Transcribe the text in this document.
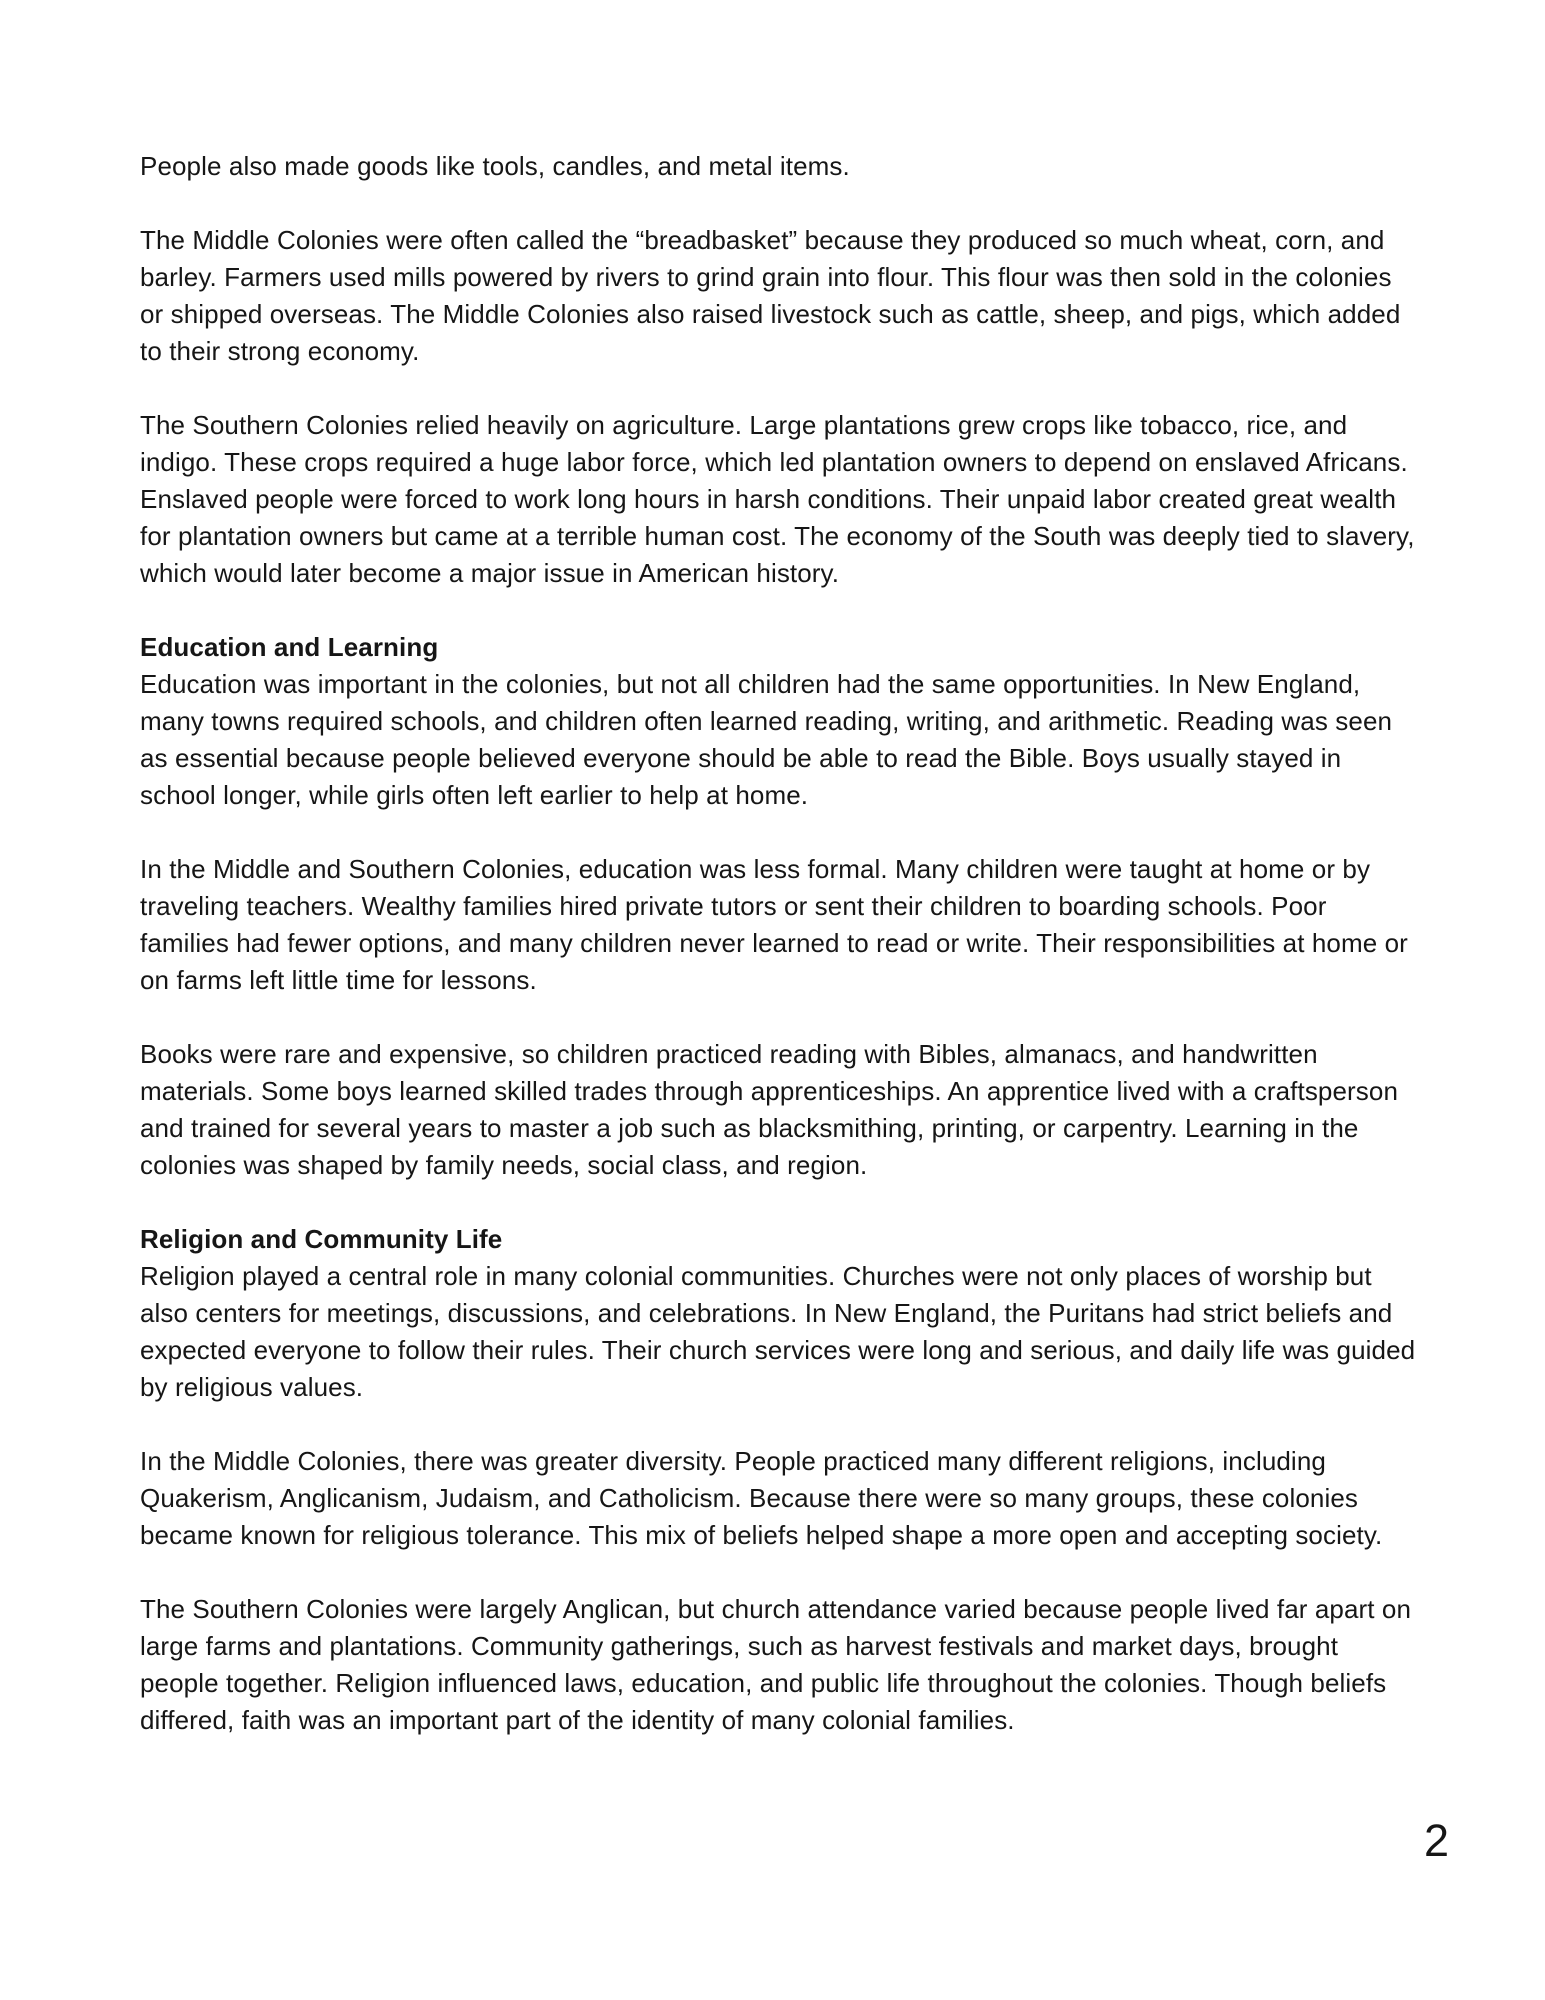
People also made goods like tools, candles, and metal items.

The Middle Colonies were often called the “breadbasket” because they produced so much wheat, corn, and barley. Farmers used mills powered by rivers to grind grain into flour. This flour was then sold in the colonies or shipped overseas. The Middle Colonies also raised livestock such as cattle, sheep, and pigs, which added to their strong economy.

The Southern Colonies relied heavily on agriculture. Large plantations grew crops like tobacco, rice, and indigo. These crops required a huge labor force, which led plantation owners to depend on enslaved Africans. Enslaved people were forced to work long hours in harsh conditions. Their unpaid labor created great wealth for plantation owners but came at a terrible human cost. The economy of the South was deeply tied to slavery, which would later become a major issue in American history.

Education and Learning

Education was important in the colonies, but not all children had the same opportunities. In New England, many towns required schools, and children often learned reading, writing, and arithmetic. Reading was seen as essential because people believed everyone should be able to read the Bible. Boys usually stayed in school longer, while girls often left earlier to help at home.

In the Middle and Southern Colonies, education was less formal. Many children were taught at home or by traveling teachers. Wealthy families hired private tutors or sent their children to boarding schools. Poor families had fewer options, and many children never learned to read or write. Their responsibilities at home or on farms left little time for lessons.

Books were rare and expensive, so children practiced reading with Bibles, almanacs, and handwritten materials. Some boys learned skilled trades through apprenticeships. An apprentice lived with a craftsperson and trained for several years to master a job such as blacksmithing, printing, or carpentry. Learning in the colonies was shaped by family needs, social class, and region.

Religion and Community Life

Religion played a central role in many colonial communities. Churches were not only places of worship but also centers for meetings, discussions, and celebrations. In New England, the Puritans had strict beliefs and expected everyone to follow their rules. Their church services were long and serious, and daily life was guided by religious values.

In the Middle Colonies, there was greater diversity. People practiced many different religions, including Quakerism, Anglicanism, Judaism, and Catholicism. Because there were so many groups, these colonies became known for religious tolerance. This mix of beliefs helped shape a more open and accepting society.

The Southern Colonies were largely Anglican, but church attendance varied because people lived far apart on large farms and plantations. Community gatherings, such as harvest festivals and market days, brought people together. Religion influenced laws, education, and public life throughout the colonies. Though beliefs differed, faith was an important part of the identity of many colonial families.

2
